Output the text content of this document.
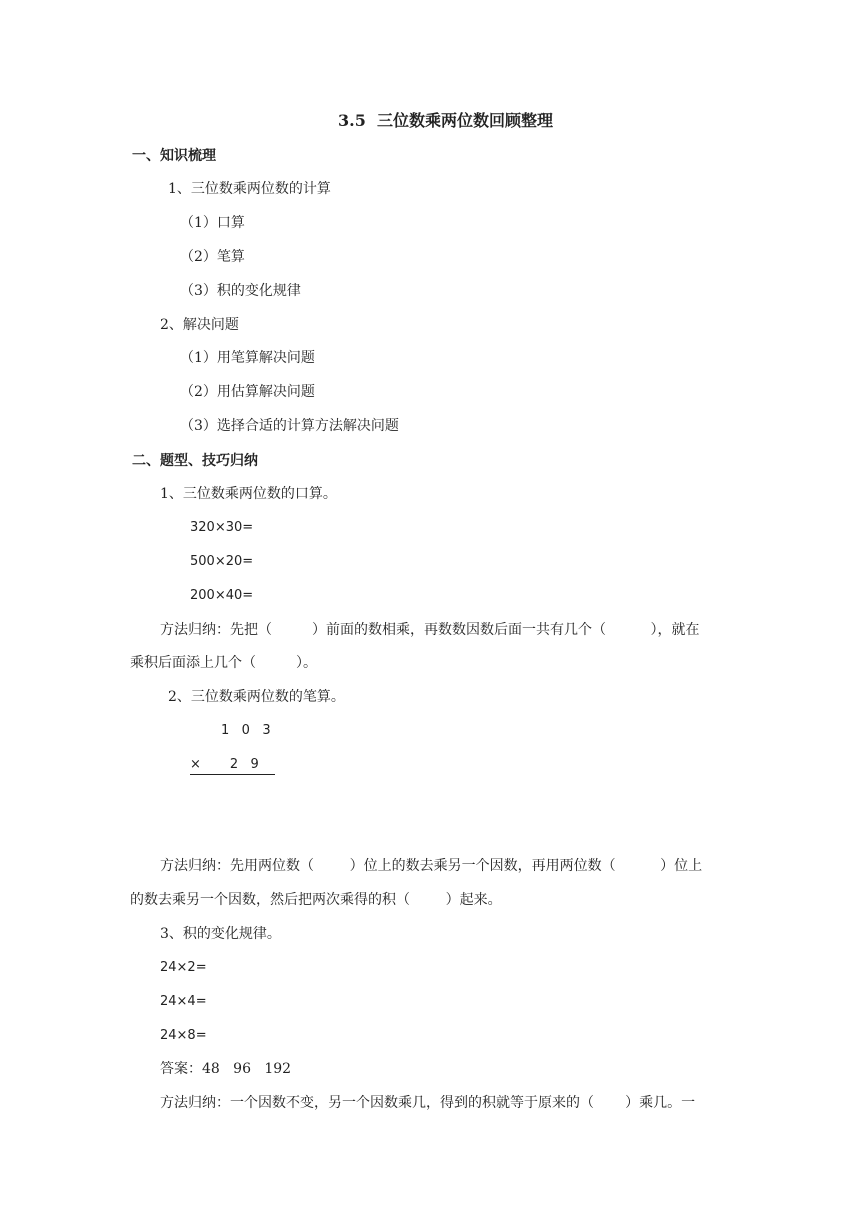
3.5  三位数乘两位数回顾整理
一、知识梳理
1、三位数乘两位数的计算
（1）口算
（2）笔算
（3）积的变化规律
2、解决问题
（1）用笔算解决问题
（2）用估算解决问题
（3）选择合适的计算方法解决问题
二、题型、技巧归纳
1、三位数乘两位数的口算。
320×30=
500×20=
200×40=
方法归纳：先把（         ）前面的数相乘，再数数因数后面一共有几个（          ），就在
乘积后面添上几个（         ）。
2、三位数乘两位数的笔算。
1   0   3
×       2   9
方法归纳：先用两位数（        ）位上的数去乘另一个因数，再用两位数（          ）位上
的数去乘另一个因数，然后把两次乘得的积（        ）起来。
3、积的变化规律。
24×2=
24×4=
24×8=
答案：48   96   192
方法归纳：一个因数不变，另一个因数乘几，得到的积就等于原来的（       ）乘几。一
